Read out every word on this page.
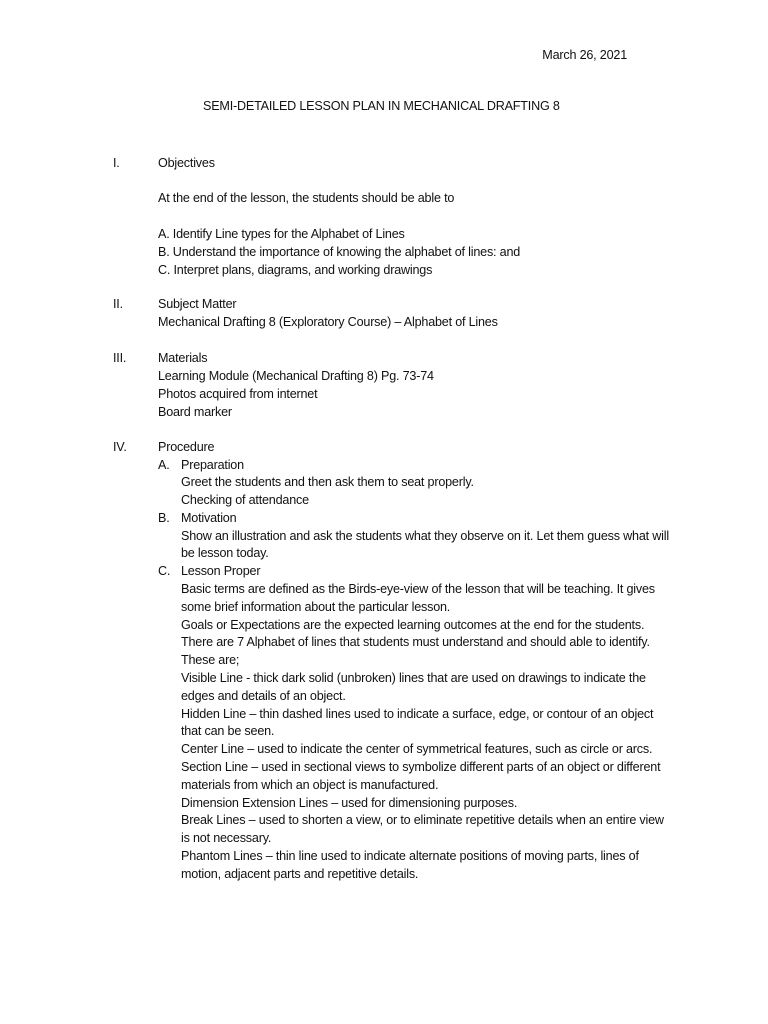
March 26, 2021
SEMI-DETAILED LESSON PLAN IN MECHANICAL DRAFTING 8
I.	Objectives
At the end of the lesson, the students should be able to
A. Identify Line types for the Alphabet of Lines
B. Understand the importance of knowing the alphabet of lines: and
C. Interpret plans, diagrams, and working drawings
II.	Subject Matter
Mechanical Drafting 8 (Exploratory Course) – Alphabet of Lines
III.	Materials
Learning Module (Mechanical Drafting 8) Pg. 73-74
Photos acquired from internet
Board marker
IV. Procedure
A. Preparation
Greet the students and then ask them to seat properly.
Checking of attendance
B. Motivation
Show an illustration and ask the students what they observe on it. Let them guess what will
be lesson today.
C. Lesson Proper
Basic terms are defined as the Birds-eye-view of the lesson that will be teaching. It gives
some brief information about the particular lesson.
Goals or Expectations are the expected learning outcomes at the end for the students.
There are 7 Alphabet of lines that students must understand and should able to identify.
These are;
Visible Line - thick dark solid (unbroken) lines that are used on drawings to indicate the
edges and details of an object.
Hidden Line – thin dashed lines used to indicate a surface, edge, or contour of an object
that can be seen.
Center Line – used to indicate the center of symmetrical features, such as circle or arcs.
Section Line – used in sectional views to symbolize different parts of an object or different
materials from which an object is manufactured.
Dimension Extension Lines – used for dimensioning purposes.
Break Lines – used to shorten a view, or to eliminate repetitive details when an entire view
is not necessary.
Phantom Lines – thin line used to indicate alternate positions of moving parts, lines of
motion, adjacent parts and repetitive details.
